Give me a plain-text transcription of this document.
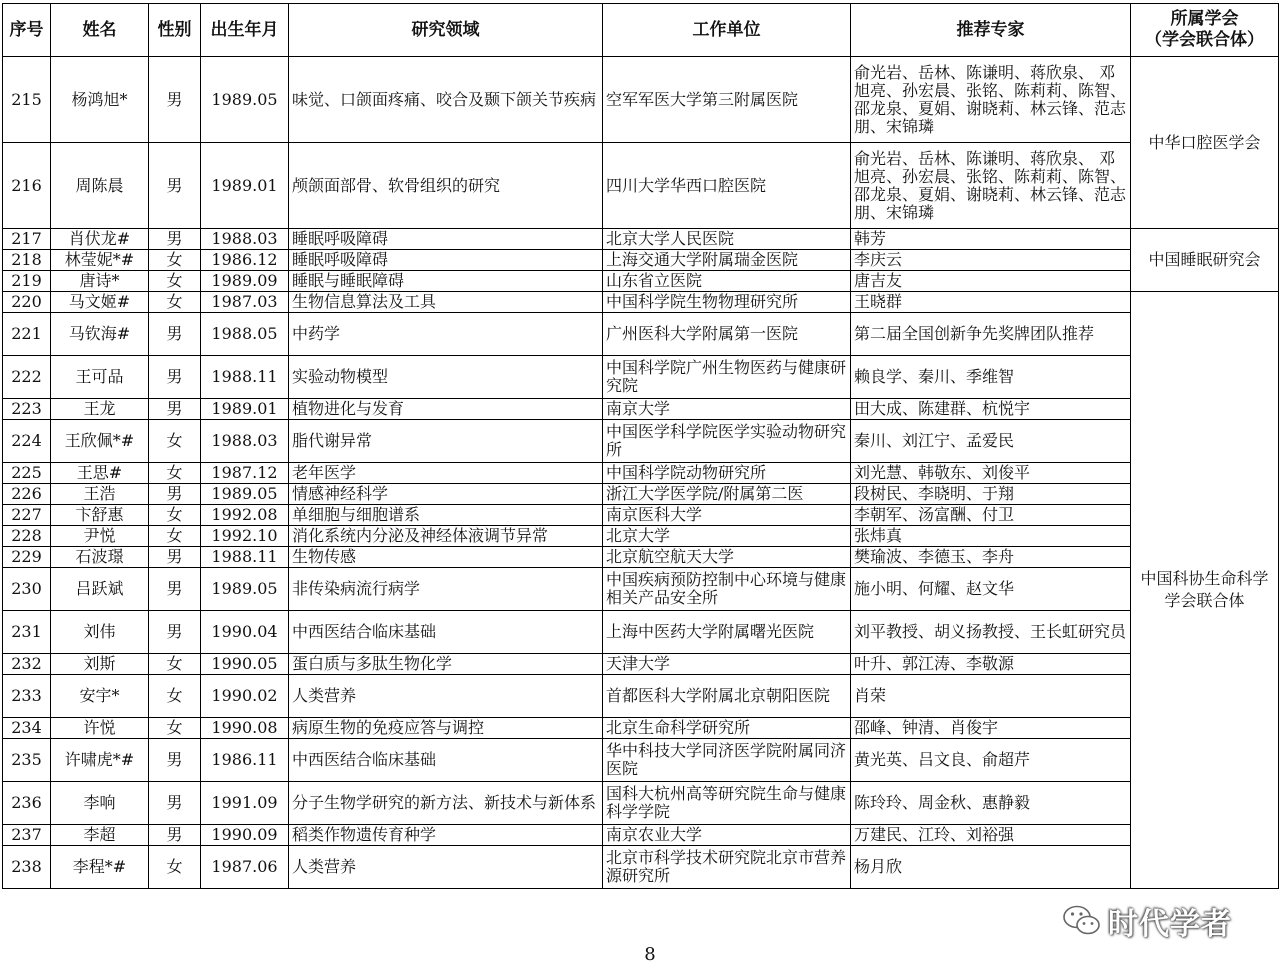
序号	姓名	性别	出生年月	研究领域	工作单位	推荐专家	所属学会
（学会联合体）
215	杨鸿旭*	男	1989.05	味觉、口颌面疼痛、咬合及颞下颌关节疾病	空军军医大学第三附属医院	俞光岩、岳林、陈谦明、蒋欣泉、 邓旭亮、孙宏晨、张铭、陈莉莉、陈智、邵龙泉、夏娟、谢晓莉、林云锋、范志朋、宋锦璘	中华口腔医学会
216	周陈晨	男	1989.01	颅颌面部骨、软骨组织的研究	四川大学华西口腔医院	俞光岩、岳林、陈谦明、蒋欣泉、 邓旭亮、孙宏晨、张铭、陈莉莉、陈智、邵龙泉、夏娟、谢晓莉、林云锋、范志朋、宋锦璘	
217	肖伏龙#	男	1988.03	睡眠呼吸障碍	北京大学人民医院	韩芳	中国睡眠研究会
218	林莹妮*#	女	1986.12	睡眠呼吸障碍	上海交通大学附属瑞金医院	李庆云	
219	唐诗*	女	1989.09	睡眠与睡眠障碍	山东省立医院	唐吉友	
220	马文姬#	女	1987.03	生物信息算法及工具	中国科学院生物物理研究所	王晓群	中国科协生命科学学会联合体
221	马钦海#	男	1988.05	中药学	广州医科大学附属第一医院	第二届全国创新争先奖牌团队推荐	
222	王可品	男	1988.11	实验动物模型	中国科学院广州生物医药与健康研究院	赖良学、秦川、季维智	
223	王龙	男	1989.01	植物进化与发育	南京大学	田大成、陈建群、杭悦宇	
224	王欣佩*#	女	1988.03	脂代谢异常	中国医学科学院医学实验动物研究所	秦川、刘江宁、孟爱民	
225	王思#	女	1987.12	老年医学	中国科学院动物研究所	刘光慧、韩敬东、刘俊平	
226	王浩	男	1989.05	情感神经科学	浙江大学医学院/附属第二医	段树民、李晓明、于翔	
227	卞舒惠	女	1992.08	单细胞与细胞谱系	南京医科大学	李朝军、汤富酬、付卫	
228	尹悦	女	1992.10	消化系统内分泌及神经体液调节异常	北京大学	张炜真	
229	石波璟	男	1988.11	生物传感	北京航空航天大学	樊瑜波、李德玉、李舟	
230	吕跃斌	男	1989.05	非传染病流行病学	中国疾病预防控制中心环境与健康相关产品安全所	施小明、何耀、赵文华	
231	刘伟	男	1990.04	中西医结合临床基础	上海中医药大学附属曙光医院	刘平教授、胡义扬教授、王长虹研究员	
232	刘斯	女	1990.05	蛋白质与多肽生物化学	天津大学	叶升、郭江涛、李敬源	
233	安宇*	女	1990.02	人类营养	首都医科大学附属北京朝阳医院	肖荣	
234	许悦	女	1990.08	病原生物的免疫应答与调控	北京生命科学研究所	邵峰、钟清、肖俊宇	
235	许啸虎*#	男	1986.11	中西医结合临床基础	华中科技大学同济医学院附属同济医院	黄光英、吕文良、俞超芹	
236	李响	男	1991.09	分子生物学研究的新方法、新技术与新体系	国科大杭州高等研究院生命与健康科学学院	陈玲玲、周金秋、惠静毅	
237	李超	男	1990.09	稻类作物遗传育种学	南京农业大学	万建民、江玲、刘裕强	
238	李程*#	女	1987.06	人类营养	北京市科学技术研究院北京市营养源研究所	杨月欣	
8
时代学者
